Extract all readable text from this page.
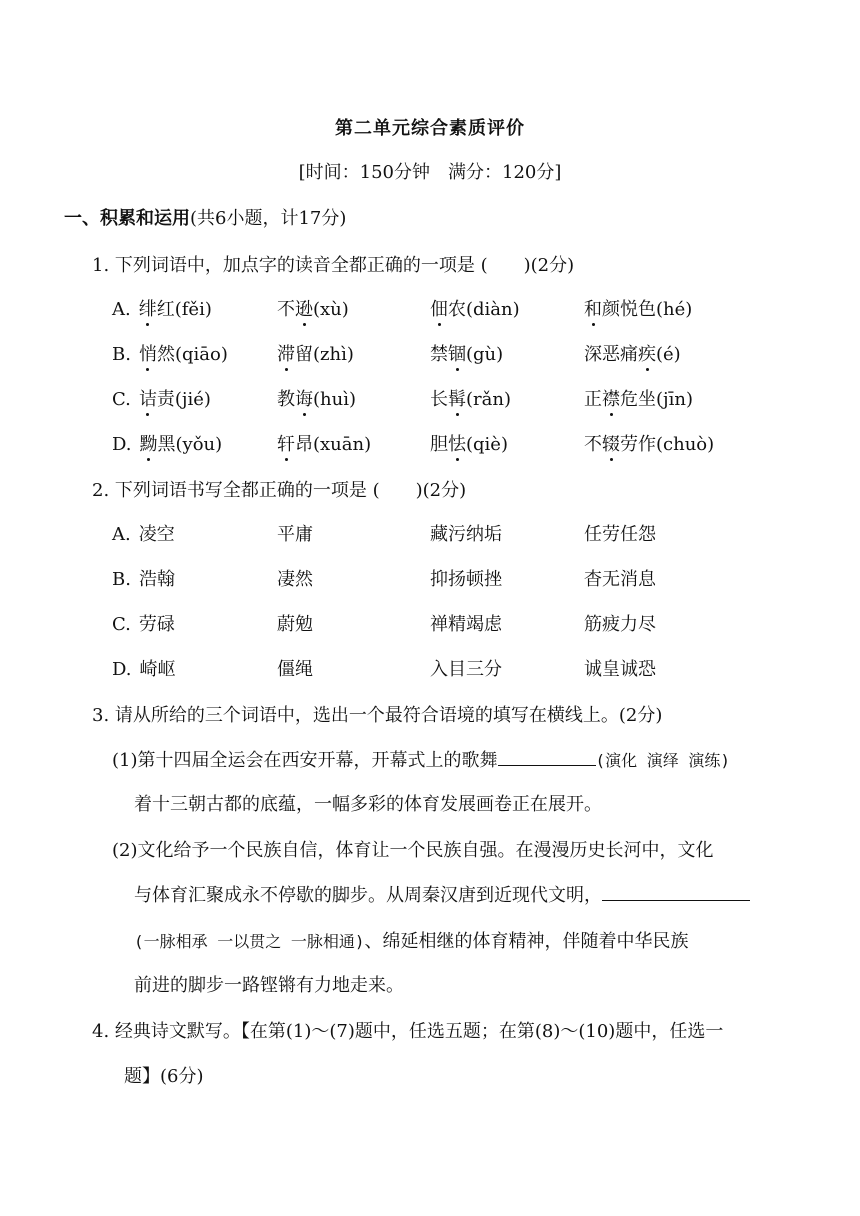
第二单元综合素质评价
[时间：150分钟　满分：120分]
一、积累和运用(共6小题，计17分)
1. 下列词语中，加点字的读音全都正确的一项是 (　　)(2分)
A. 绯红(fěi)	不逊(xù)	佃农(diàn)	和颜悦色(hé)
B. 悄然(qiāo)	滞留(zhì)	禁锢(gù)	深恶痛疾(é)
C. 诘责(jié)	教诲(huì)	长髯(rǎn)	正襟危坐(jīn)
D. 黝黑(yǒu)	轩昂(xuān)	胆怯(qiè)	不辍劳作(chuò)
2. 下列词语书写全都正确的一项是 (　　)(2分)
A. 凌空	平庸	藏污纳垢	任劳任怨
B. 浩翰	凄然	抑扬顿挫	杳无消息
C. 劳碌	蔚勉	禅精竭虑	筋疲力尽
D. 崎岖	僵绳	入目三分	诚皇诚恐
3. 请从所给的三个词语中，选出一个最符合语境的填写在横线上。(2分)
(1)第十四届全运会在西安开幕，开幕式上的歌舞	(演化 演绎 演练)
着十三朝古都的底蕴，一幅多彩的体育发展画卷正在展开。
(2)文化给予一个民族自信，体育让一个民族自强。在漫漫历史长河中，文化
与体育汇聚成永不停歇的脚步。从周秦汉唐到近现代文明，
(一脉相承 一以贯之 一脉相通)、绵延相继的体育精神，伴随着中华民族
前进的脚步一路铿锵有力地走来。
4. 经典诗文默写。【在第(1)～(7)题中，任选五题；在第(8)～(10)题中，任选一
题】(6分)
